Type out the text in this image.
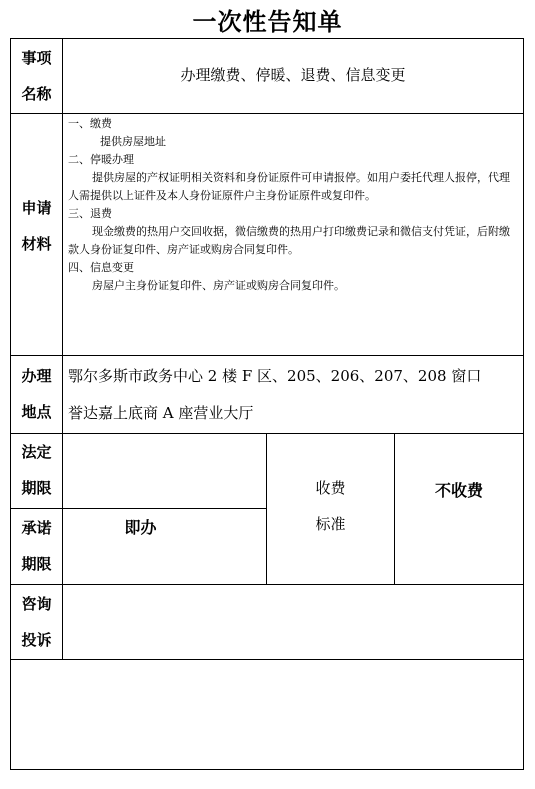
一次性告知单
事项
名称
办理缴费、停暖、退费、信息变更
申请
材料

一、缴费

提供房屋地址

二、停暖办理

提供房屋的产权证明相关资料和身份证原件可申请报停。如用户委托代理人报停，代理人需提供以上证件及本人身份证原件户主身份证原件或复印件。

三、退费

现金缴费的热用户交回收据，微信缴费的热用户打印缴费记录和微信支付凭证，后附缴款人身份证复印件、房产证或购房合同复印件。

四、信息变更

房屋户主身份证复印件、房产证或购房合同复印件。

办理
地点

鄂尔多斯市政务中心 2 楼 F 区、205、206、207、208 窗口

誉达嘉上底商 A 座营业大厅

法定
期限
承诺
期限
即办
收费
标准
不收费
咨询
投诉
